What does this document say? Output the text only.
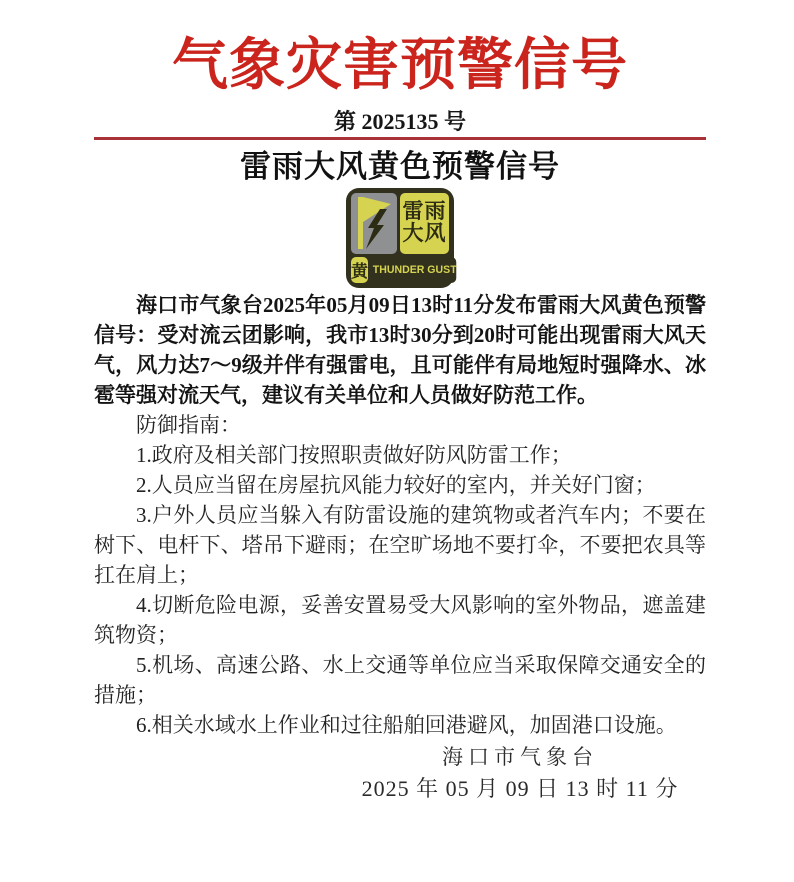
气象灾害预警信号
第 2025135 号
雷雨大风黄色预警信号
雷雨
大风
黄 THUNDER GUST

海口市气象台2025年05月09日13时11分发布雷雨大风黄色预警信号：受对流云团影响，我市13时30分到20时可能出现雷雨大风天气，风力达7～9级并伴有强雷电，且可能伴有局地短时强降水、冰雹等强对流天气，建议有关单位和人员做好防范工作。

防御指南：

1.政府及相关部门按照职责做好防风防雷工作；

2.人员应当留在房屋抗风能力较好的室内，并关好门窗；

3.户外人员应当躲入有防雷设施的建筑物或者汽车内；不要在树下、电杆下、塔吊下避雨；在空旷场地不要打伞，不要把农具等扛在肩上；

4.切断危险电源，妥善安置易受大风影响的室外物品，遮盖建筑物资；

5.机场、高速公路、水上交通等单位应当采取保障交通安全的措施；

6.相关水域水上作业和过往船舶回港避风，加固港口设施。

海口市气象台
2025 年 05 月 09 日 13 时 11 分
